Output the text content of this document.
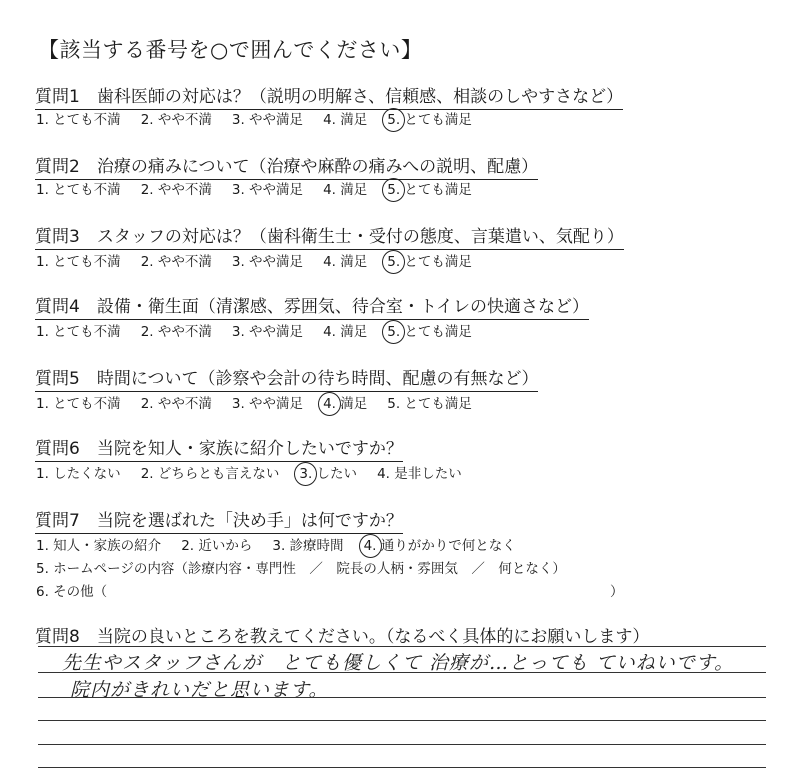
【該当する番号を○で囲んでください】
質問1　歯科医師の対応は？（説明の明解さ、信頼感、相談のしやすさなど）
1. とても不満 2. やや不満 3. やや満足 4. 満足 5. とても満足
質問2　治療の痛みについて（治療や麻酔の痛みへの説明、配慮）
1. とても不満 2. やや不満 3. やや満足 4. 満足 5. とても満足
質問3　スタッフの対応は？（歯科衛生士・受付の態度、言葉遣い、気配り）
1. とても不満 2. やや不満 3. やや満足 4. 満足 5. とても満足
質問4　設備・衛生面（清潔感、雰囲気、待合室・トイレの快適さなど）
1. とても不満 2. やや不満 3. やや満足 4. 満足 5. とても満足
質問5　時間について（診察や会計の待ち時間、配慮の有無など）
1. とても不満 2. やや不満 3. やや満足 4. 満足 5. とても満足
質問6　当院を知人・家族に紹介したいですか？
1. したくない 2. どちらとも言えない 3. したい 4. 是非したい
質問7　当院を選ばれた「決め手」は何ですか？
1. 知人・家族の紹介 2. 近いから 3. 診療時間 4. 通りがかりで何となく
5. ホームページの内容（診療内容・専門性　／　院長の人柄・雰囲気　／　何となく）
6. その他（	）
質問8　当院の良いところを教えてください。（なるべく具体的にお願いします）
先生やスタッフさんが　とても優しくて 治療が…とっても ていねいです。
院内がきれいだと思います。
